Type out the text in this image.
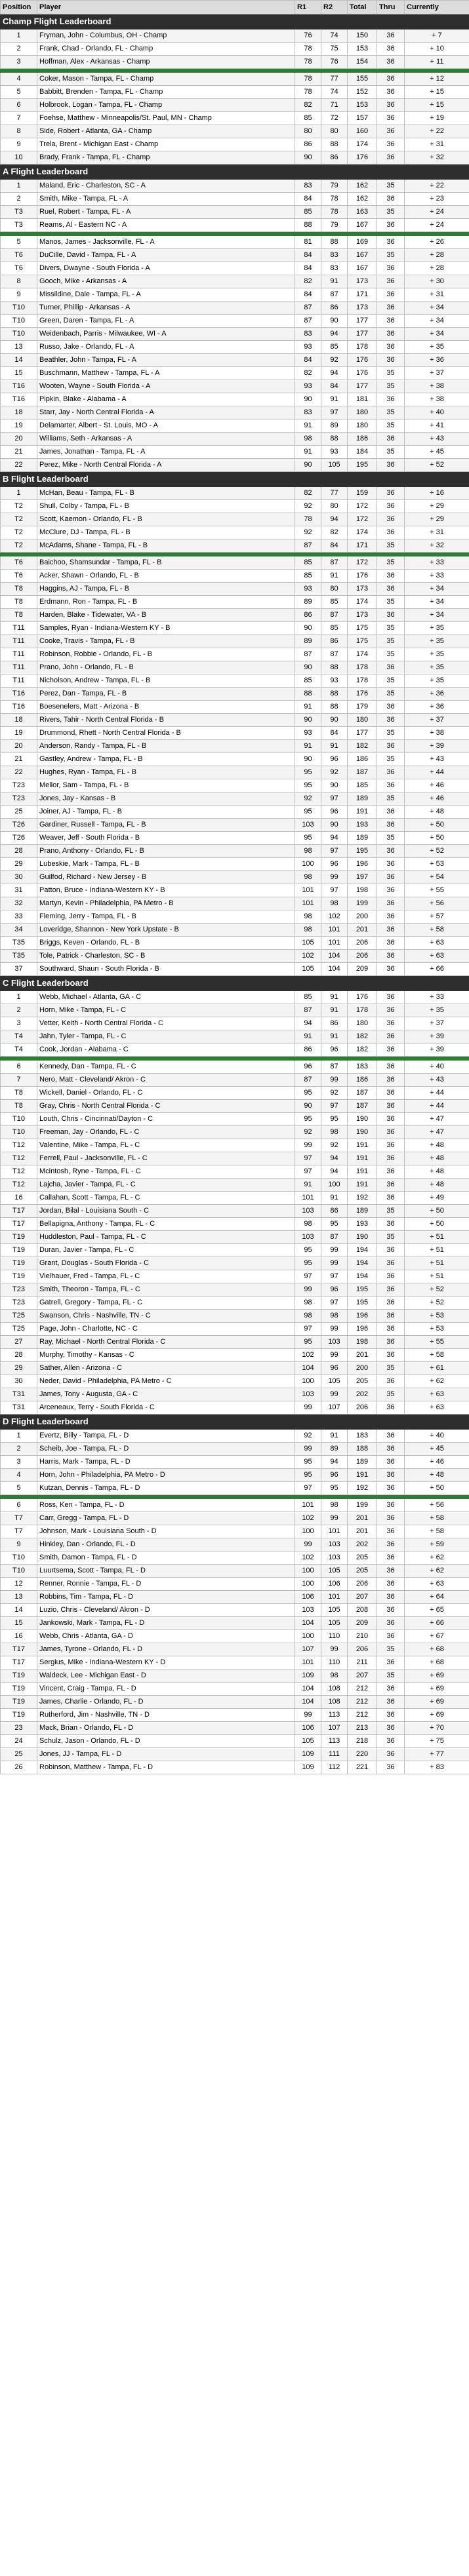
Position	Player	R1	R2	Total	Thru	Currently
Champ Flight Leaderboard						
1	Fryman, John - Columbus, OH - Champ	76	74	150	36	+ 7
2	Frank, Chad - Orlando, FL - Champ	78	75	153	36	+ 10
3	Hoffman, Alex - Arkansas - Champ	78	76	154	36	+ 11

4	Coker, Mason - Tampa, FL - Champ	78	77	155	36	+ 12
5	Babbitt, Brenden - Tampa, FL - Champ	78	74	152	36	+ 15
6	Holbrook, Logan - Tampa, FL - Champ	82	71	153	36	+ 15
7	Foehse, Matthew - Minneapolis/St. Paul, MN - Champ	85	72	157	36	+ 19
8	Side, Robert - Atlanta, GA - Champ	80	80	160	36	+ 22
9	Trela, Brent - Michigan East - Champ	86	88	174	36	+ 31
10	Brady, Frank - Tampa, FL - Champ	90	86	176	36	+ 32
A Flight Leaderboard						
1	Maland, Eric - Charleston, SC - A	83	79	162	35	+ 22
2	Smith, Mike - Tampa, FL - A	84	78	162	36	+ 23
T3	Ruel, Robert - Tampa, FL - A	85	78	163	35	+ 24
T3	Reams, Al - Eastern NC - A	88	79	167	36	+ 24

5	Manos, James - Jacksonville, FL - A	81	88	169	36	+ 26
T6	DuCille, David - Tampa, FL - A	84	83	167	35	+ 28
T6	Divers, Dwayne - South Florida - A	84	83	167	36	+ 28
8	Gooch, Mike - Arkansas - A	82	91	173	36	+ 30
9	Missildine, Dale - Tampa, FL - A	84	87	171	36	+ 31
T10	Turner, Phillip - Arkansas - A	87	86	173	36	+ 34
T10	Green, Daren - Tampa, FL - A	87	90	177	36	+ 34
T10	Weidenbach, Parris - Milwaukee, WI - A	83	94	177	36	+ 34
13	Russo, Jake - Orlando, FL - A	93	85	178	36	+ 35
14	Beathler, John - Tampa, FL - A	84	92	176	36	+ 36
15	Buschmann, Matthew - Tampa, FL - A	82	94	176	35	+ 37
T16	Wooten, Wayne - South Florida - A	93	84	177	35	+ 38
T16	Pipkin, Blake - Alabama - A	90	91	181	36	+ 38
18	Starr, Jay - North Central Florida - A	83	97	180	35	+ 40
19	Delamarter, Albert - St. Louis, MO - A	91	89	180	35	+ 41
20	Williams, Seth - Arkansas - A	98	88	186	36	+ 43
21	James, Jonathan - Tampa, FL - A	91	93	184	35	+ 45
22	Perez, Mike - North Central Florida - A	90	105	195	36	+ 52
B Flight Leaderboard						
1	McHan, Beau - Tampa, FL - B	82	77	159	36	+ 16
T2	Shull, Colby - Tampa, FL - B	92	80	172	36	+ 29
T2	Scott, Kaemon - Orlando, FL - B	78	94	172	36	+ 29
T2	McClure, DJ - Tampa, FL - B	92	82	174	36	+ 31
T2	McAdams, Shane - Tampa, FL - B	87	84	171	35	+ 32

T6	Baichoo, Shamsundar - Tampa, FL - B	85	87	172	35	+ 33
T6	Acker, Shawn - Orlando, FL - B	85	91	176	36	+ 33
T8	Haggins, AJ - Tampa, FL - B	93	80	173	36	+ 34
T8	Erdmann, Ron - Tampa, FL - B	89	85	174	35	+ 34
T8	Harden, Blake - Tidewater, VA - B	86	87	173	36	+ 34
T11	Samples, Ryan - Indiana-Western KY - B	90	85	175	35	+ 35
T11	Cooke, Travis - Tampa, FL - B	89	86	175	35	+ 35
T11	Robinson, Robbie - Orlando, FL - B	87	87	174	35	+ 35
T11	Prano, John - Orlando, FL - B	90	88	178	36	+ 35
T11	Nicholson, Andrew - Tampa, FL - B	85	93	178	35	+ 35
T16	Perez, Dan - Tampa, FL - B	88	88	176	35	+ 36
T16	Boesenelers, Matt - Arizona - B	91	88	179	36	+ 36
18	Rivers, Tahir - North Central Florida - B	90	90	180	36	+ 37
19	Drummond, Rhett - North Central Florida - B	93	84	177	35	+ 38
20	Anderson, Randy - Tampa, FL - B	91	91	182	36	+ 39
21	Gastley, Andrew - Tampa, FL - B	90	96	186	35	+ 43
22	Hughes, Ryan - Tampa, FL - B	95	92	187	36	+ 44
T23	Mellor, Sam - Tampa, FL - B	95	90	185	36	+ 46
T23	Jones, Jay - Kansas - B	92	97	189	35	+ 46
25	Joiner, AJ - Tampa, FL - B	95	96	191	36	+ 48
T26	Gardiner, Russell - Tampa, FL - B	103	90	193	36	+ 50
T26	Weaver, Jeff - South Florida - B	95	94	189	35	+ 50
28	Prano, Anthony - Orlando, FL - B	98	97	195	36	+ 52
29	Lubeskie, Mark - Tampa, FL - B	100	96	196	36	+ 53
30	Guilfod, Richard - New Jersey - B	98	99	197	36	+ 54
31	Patton, Bruce - Indiana-Western KY - B	101	97	198	36	+ 55
32	Martyn, Kevin - Philadelphia, PA Metro - B	101	98	199	36	+ 56
33	Fleming, Jerry - Tampa, FL - B	98	102	200	36	+ 57
34	Loveridge, Shannon - New York Upstate - B	98	101	201	36	+ 58
T35	Briggs, Keven - Orlando, FL - B	105	101	206	36	+ 63
T35	Tole, Patrick - Charleston, SC - B	102	104	206	36	+ 63
37	Southward, Shaun - South Florida - B	105	104	209	36	+ 66
C Flight Leaderboard						
1	Webb, Michael - Atlanta, GA - C	85	91	176	36	+ 33
2	Horn, Mike - Tampa, FL - C	87	91	178	36	+ 35
3	Vetter, Keith - North Central Florida - C	94	86	180	36	+ 37
T4	Jahn, Tyler - Tampa, FL - C	91	91	182	36	+ 39
T4	Cook, Jordan - Alabama - C	86	96	182	36	+ 39

6	Kennedy, Dan - Tampa, FL - C	96	87	183	36	+ 40
7	Nero, Matt - Cleveland/ Akron - C	87	99	186	36	+ 43
T8	Wickell, Daniel - Orlando, FL - C	95	92	187	36	+ 44
T8	Gray, Chris - North Central Florida - C	90	97	187	36	+ 44
T10	Louth, Chris - Cincinnati/Dayton - C	95	95	190	36	+ 47
T10	Freeman, Jay - Orlando, FL - C	92	98	190	36	+ 47
T12	Valentine, Mike - Tampa, FL - C	99	92	191	36	+ 48
T12	Ferrell, Paul - Jacksonville, FL - C	97	94	191	36	+ 48
T12	Mcintosh, Ryne - Tampa, FL - C	97	94	191	36	+ 48
T12	Lajcha, Javier - Tampa, FL - C	91	100	191	36	+ 48
16	Callahan, Scott - Tampa, FL - C	101	91	192	36	+ 49
T17	Jordan, Bilal - Louisiana South - C	103	86	189	35	+ 50
T17	Bellapigna, Anthony - Tampa, FL - C	98	95	193	36	+ 50
T19	Huddleston, Paul - Tampa, FL - C	103	87	190	35	+ 51
T19	Duran, Javier - Tampa, FL - C	95	99	194	36	+ 51
T19	Grant, Douglas - South Florida - C	95	99	194	36	+ 51
T19	Vielhauer, Fred - Tampa, FL - C	97	97	194	36	+ 51
T23	Smith, Theoron - Tampa, FL - C	99	96	195	36	+ 52
T23	Gatrell, Gregory - Tampa, FL - C	98	97	195	36	+ 52
T25	Swanson, Chris - Nashville, TN - C	98	98	196	36	+ 53
T25	Page, John - Charlotte, NC - C	97	99	196	36	+ 53
27	Ray, Michael - North Central Florida - C	95	103	198	36	+ 55
28	Murphy, Timothy - Kansas - C	102	99	201	36	+ 58
29	Sather, Allen - Arizona - C	104	96	200	35	+ 61
30	Neder, David - Philadelphia, PA Metro - C	100	105	205	36	+ 62
T31	James, Tony - Augusta, GA - C	103	99	202	35	+ 63
T31	Arceneaux, Terry - South Florida - C	99	107	206	36	+ 63
D Flight Leaderboard						
1	Evertz, Billy - Tampa, FL - D	92	91	183	36	+ 40
2	Scheib, Joe - Tampa, FL - D	99	89	188	36	+ 45
3	Harris, Mark - Tampa, FL - D	95	94	189	36	+ 46
4	Horn, John - Philadelphia, PA Metro - D	95	96	191	36	+ 48
5	Kutzan, Dennis - Tampa, FL - D	97	95	192	36	+ 50

6	Ross, Ken - Tampa, FL - D	101	98	199	36	+ 56
T7	Carr, Gregg - Tampa, FL - D	102	99	201	36	+ 58
T7	Johnson, Mark - Louisiana South - D	100	101	201	36	+ 58
9	Hinkley, Dan - Orlando, FL - D	99	103	202	36	+ 59
T10	Smith, Damon - Tampa, FL - D	102	103	205	36	+ 62
T10	Luurtsema, Scott - Tampa, FL - D	100	105	205	36	+ 62
12	Renner, Ronnie - Tampa, FL - D	100	106	206	36	+ 63
13	Robbins, Tim - Tampa, FL - D	106	101	207	36	+ 64
14	Luzio, Chris - Cleveland/ Akron - D	103	105	208	36	+ 65
15	Jankowski, Mark - Tampa, FL - D	104	105	209	36	+ 66
16	Webb, Chris - Atlanta, GA - D	100	110	210	36	+ 67
T17	James, Tyrone - Orlando, FL - D	107	99	206	35	+ 68
T17	Sergius, Mike - Indiana-Western KY - D	101	110	211	36	+ 68
T19	Waldeck, Lee - Michigan East - D	109	98	207	35	+ 69
T19	Vincent, Craig - Tampa, FL - D	104	108	212	36	+ 69
T19	James, Charlie - Orlando, FL - D	104	108	212	36	+ 69
T19	Rutherford, Jim - Nashville, TN - D	99	113	212	36	+ 69
23	Mack, Brian - Orlando, FL - D	106	107	213	36	+ 70
24	Schulz, Jason - Orlando, FL - D	105	113	218	36	+ 75
25	Jones, JJ - Tampa, FL - D	109	111	220	36	+ 77
26	Robinson, Matthew - Tampa, FL - D	109	112	221	36	+ 83
